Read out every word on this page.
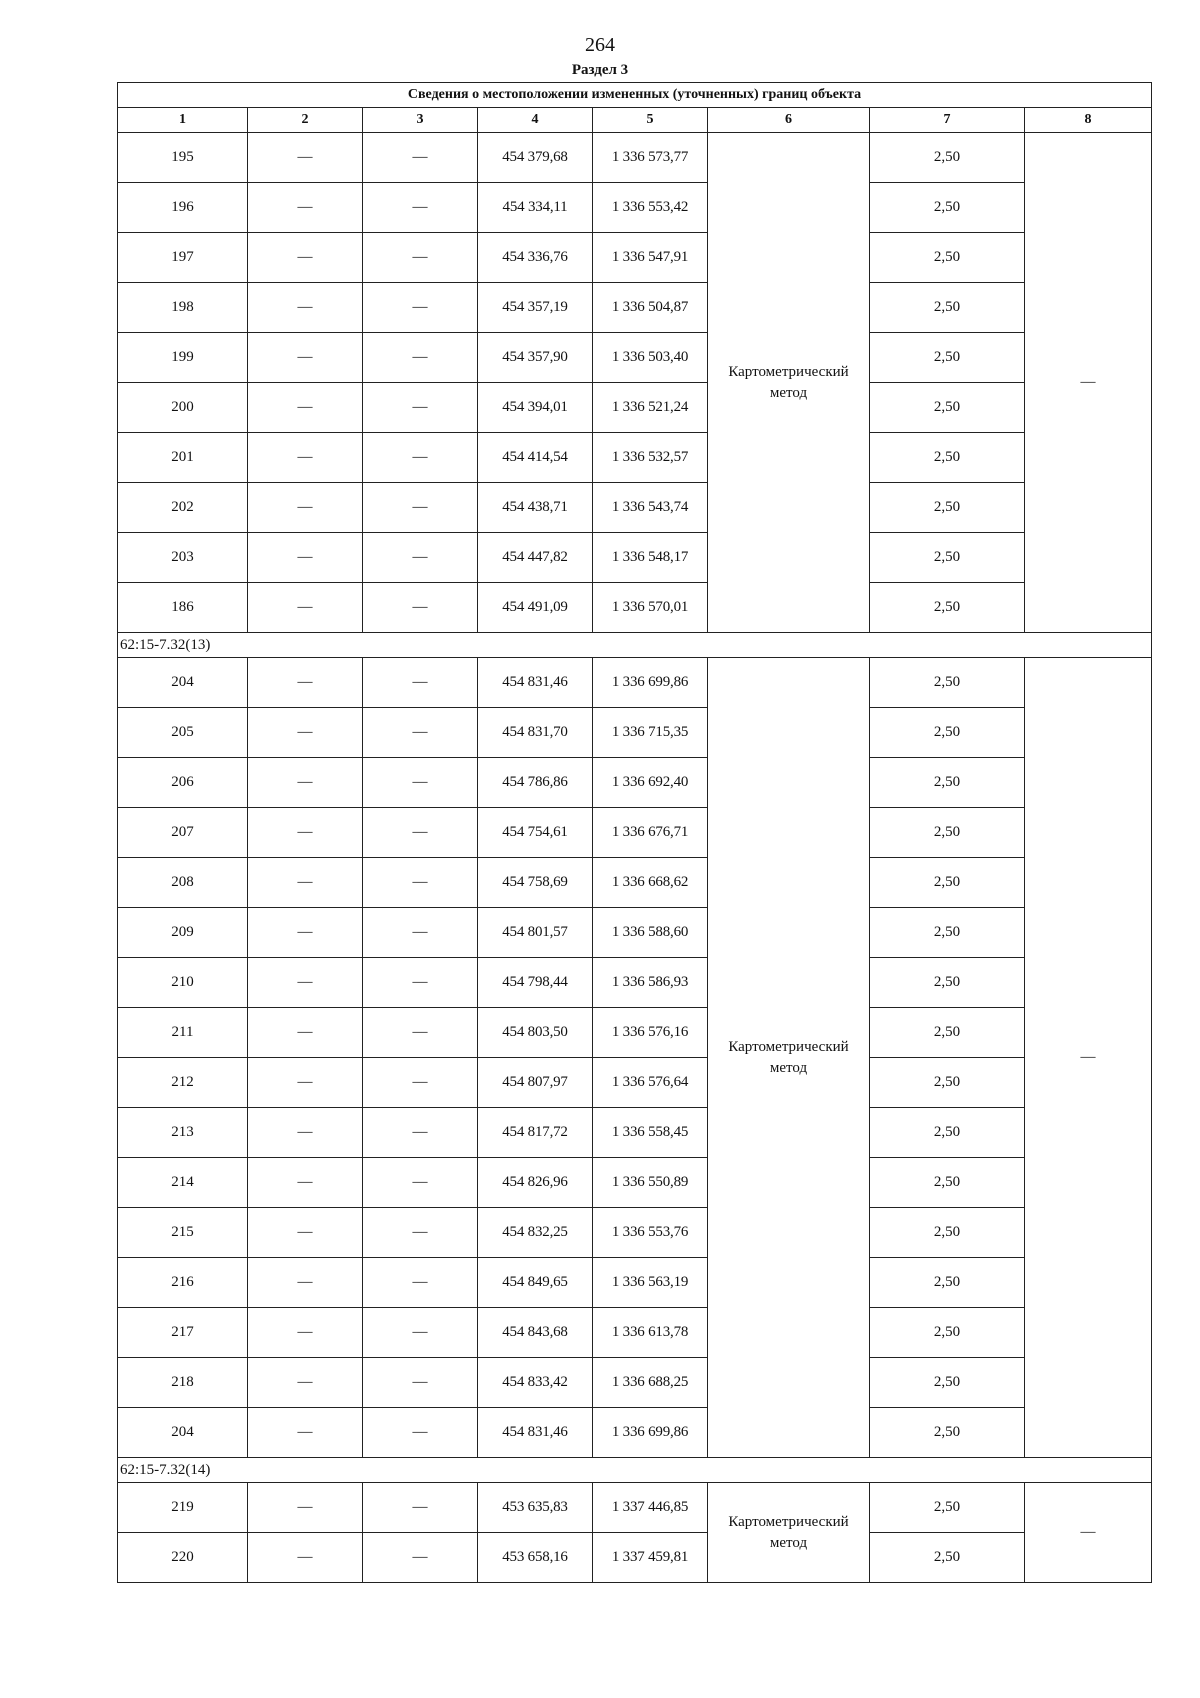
264
Раздел 3
Сведения о местоположении измененных (уточненных) границ объекта							
1	2	3	4	5	6	7	8
195	—	—	454 379,68	1 336 573,77	Картометрический метод	2,50	—
196	—	—	454 334,11	1 336 553,42		2,50	
197	—	—	454 336,76	1 336 547,91		2,50	
198	—	—	454 357,19	1 336 504,87		2,50	
199	—	—	454 357,90	1 336 503,40		2,50	
200	—	—	454 394,01	1 336 521,24		2,50	
201	—	—	454 414,54	1 336 532,57		2,50	
202	—	—	454 438,71	1 336 543,74		2,50	
203	—	—	454 447,82	1 336 548,17		2,50	
186	—	—	454 491,09	1 336 570,01		2,50	
62:15-7.32(13)							
204	—	—	454 831,46	1 336 699,86	Картометрический метод	2,50	—
205	—	—	454 831,70	1 336 715,35		2,50	
206	—	—	454 786,86	1 336 692,40		2,50	
207	—	—	454 754,61	1 336 676,71		2,50	
208	—	—	454 758,69	1 336 668,62		2,50	
209	—	—	454 801,57	1 336 588,60		2,50	
210	—	—	454 798,44	1 336 586,93		2,50	
211	—	—	454 803,50	1 336 576,16		2,50	
212	—	—	454 807,97	1 336 576,64		2,50	
213	—	—	454 817,72	1 336 558,45		2,50	
214	—	—	454 826,96	1 336 550,89		2,50	
215	—	—	454 832,25	1 336 553,76		2,50	
216	—	—	454 849,65	1 336 563,19		2,50	
217	—	—	454 843,68	1 336 613,78		2,50	
218	—	—	454 833,42	1 336 688,25		2,50	
204	—	—	454 831,46	1 336 699,86		2,50	
62:15-7.32(14)							
219	—	—	453 635,83	1 337 446,85	Картометрический метод	2,50	—
220	—	—	453 658,16	1 337 459,81		2,50	
